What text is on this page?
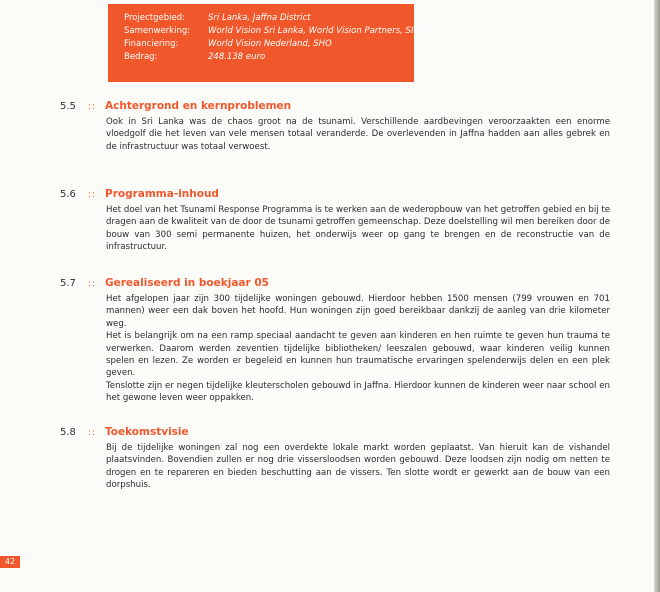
Projectgebied:	Sri Lanka, Jaffna District
Samenwerking:	World Vision Sri Lanka, World Vision Partners, SIDA
Financiering:	World Vision Nederland, SHO
Bedrag:	248.138 euro
5.5	:: Achtergrond en kernproblemen

Ook in Sri Lanka was de chaos groot na de tsunami. Verschillende aardbevingen veroorzaakten een enorme vloedgolf die het leven van vele mensen totaal veranderde. De overlevenden in Jaffna hadden aan alles gebrek en de infrastructuur was totaal verwoest.

5.6	:: Programma-inhoud

Het doel van het Tsunami Response Programma is te werken aan de wederopbouw van het getroffen gebied en bij te dragen aan de kwaliteit van de door de tsunami getroffen gemeenschap. Deze doelstelling wil men bereiken door de bouw van 300 semi permanente huizen, het onderwijs weer op gang te brengen en de reconstructie van de infrastructuur.

5.7	:: Gerealiseerd in boekjaar 05

Het afgelopen jaar zijn 300 tijdelijke woningen gebouwd. Hierdoor hebben 1500 mensen (799 vrouwen en 701 mannen) weer een dak boven het hoofd. Hun woningen zijn goed bereikbaar dankzij de aanleg van drie kilometer weg.

Het is belangrijk om na een ramp speciaal aandacht te geven aan kinderen en hen ruimte te geven hun trauma te verwerken. Daarom werden zeventien tijdelijke bibliotheken/ leeszalen gebouwd, waar kinderen veilig kunnen spelen en lezen. Ze worden er begeleid en kunnen hun traumatische ervaringen spelenderwijs delen en een plek geven.

Tenslotte zijn er negen tijdelijke kleuterscholen gebouwd in Jaffna. Hierdoor kunnen de kinderen weer naar school en het gewone leven weer oppakken.

5.8	:: Toekomstvisie

Bij de tijdelijke woningen zal nog een overdekte lokale markt worden geplaatst. Van hieruit kan de vishandel plaatsvinden. Bovendien zullen er nog drie vissersloodsen worden gebouwd. Deze loodsen zijn nodig om netten te drogen en te repareren en bieden beschutting aan de vissers. Ten slotte wordt er gewerkt aan de bouw van een dorpshuis.

42
